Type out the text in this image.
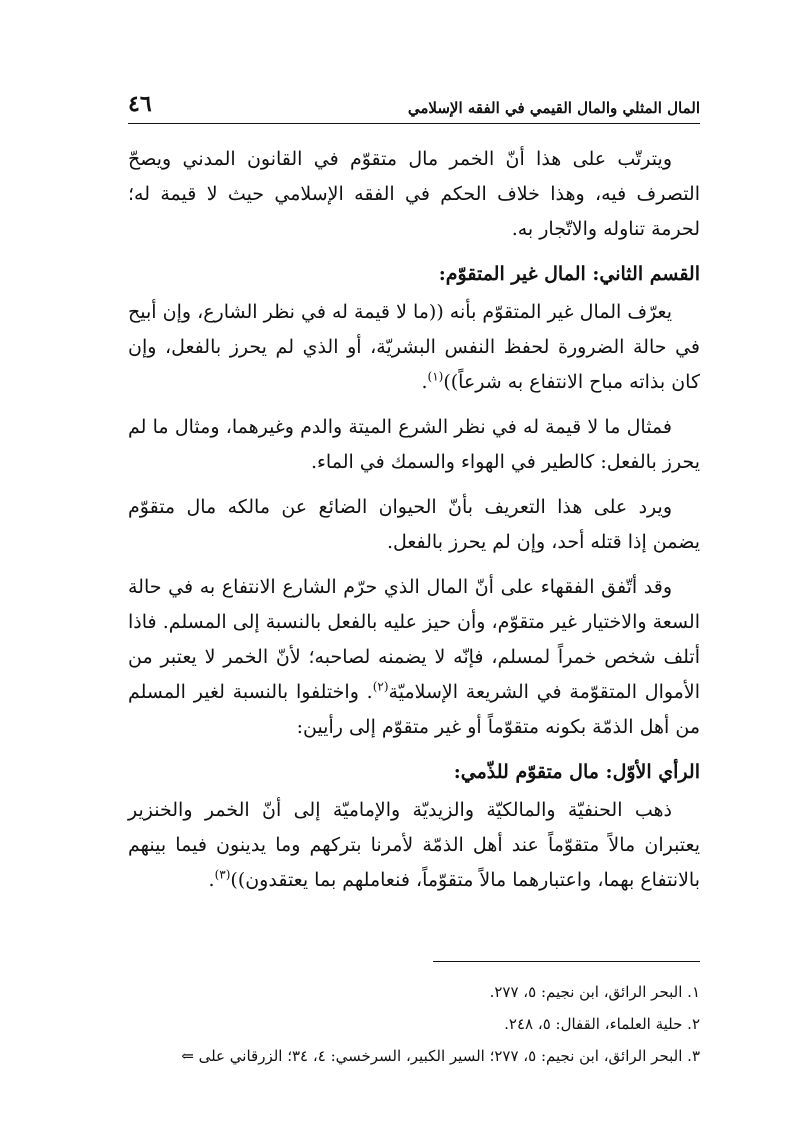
المال المثلي والمال القيمي في الفقه الإسلامي
٤٦

ويترتّب على هذا أنّ الخمر مال متقوّم في القانون المدني ويصحّ التصرف فيه، وهذا خلاف الحكم في الفقه الإسلامي حيث لا قيمة له؛ لحرمة تناوله والاتّجار به.

القسم الثاني: المال غير المتقوّم:

يعرّف المال غير المتقوّم بأنه ((ما لا قيمة له في نظر الشارع، وإن أبيح في حالة الضرورة لحفظ النفس البشريّة، أو الذي لم يحرز بالفعل، وإن كان بذاته مباح الانتفاع به شرعاً))$^{(١)}$.

فمثال ما لا قيمة له في نظر الشرع الميتة والدم وغيرهما، ومثال ما لم يحرز بالفعل: كالطير في الهواء والسمك في الماء.

ويرد على هذا التعريف بأنّ الحيوان الضائع عن مالكه مال متقوّم يضمن إذا قتله أحد، وإن لم يحرز بالفعل.

وقد أتّفق الفقهاء على أنّ المال الذي حرّم الشارع الانتفاع به في حالة السعة والاختيار غير متقوّم، وأن حيز عليه بالفعل بالنسبة إلى المسلم. فاذا أتلف شخص خمراً لمسلم، فإنّه لا يضمنه لصاحبه؛ لأنّ الخمر لا يعتبر من الأموال المتقوّمة في الشريعة الإسلاميّة$^{(٢)}$. واختلفوا بالنسبة لغير المسلم من أهل الذمّة بكونه متقوّماً أو غير متقوّم إلى رأيين:

الرأي الأوّل: مال متقوّم للذّمي:

ذهب الحنفيّة والمالكيّة والزيديّة والإماميّة إلى أنّ الخمر والخنزير يعتبران مالاً متقوّماً عند أهل الذمّة لأمرنا بتركهم وما يدينون فيما بينهم بالانتفاع بهما، واعتبارهما مالاً متقوّماً، فنعاملهم بما يعتقدون))$^{(٣)}$.

١. البحر الرائق، ابن نجيم: ٥، ٢٧٧.

٢. حلية العلماء، القفال: ٥، ٢٤٨.

٣. البحر الرائق، ابن نجيم: ٥، ٢٧٧؛ السير الكبير، السرخسي: ٤، ٣٤؛ الزرقاني على ⇐
